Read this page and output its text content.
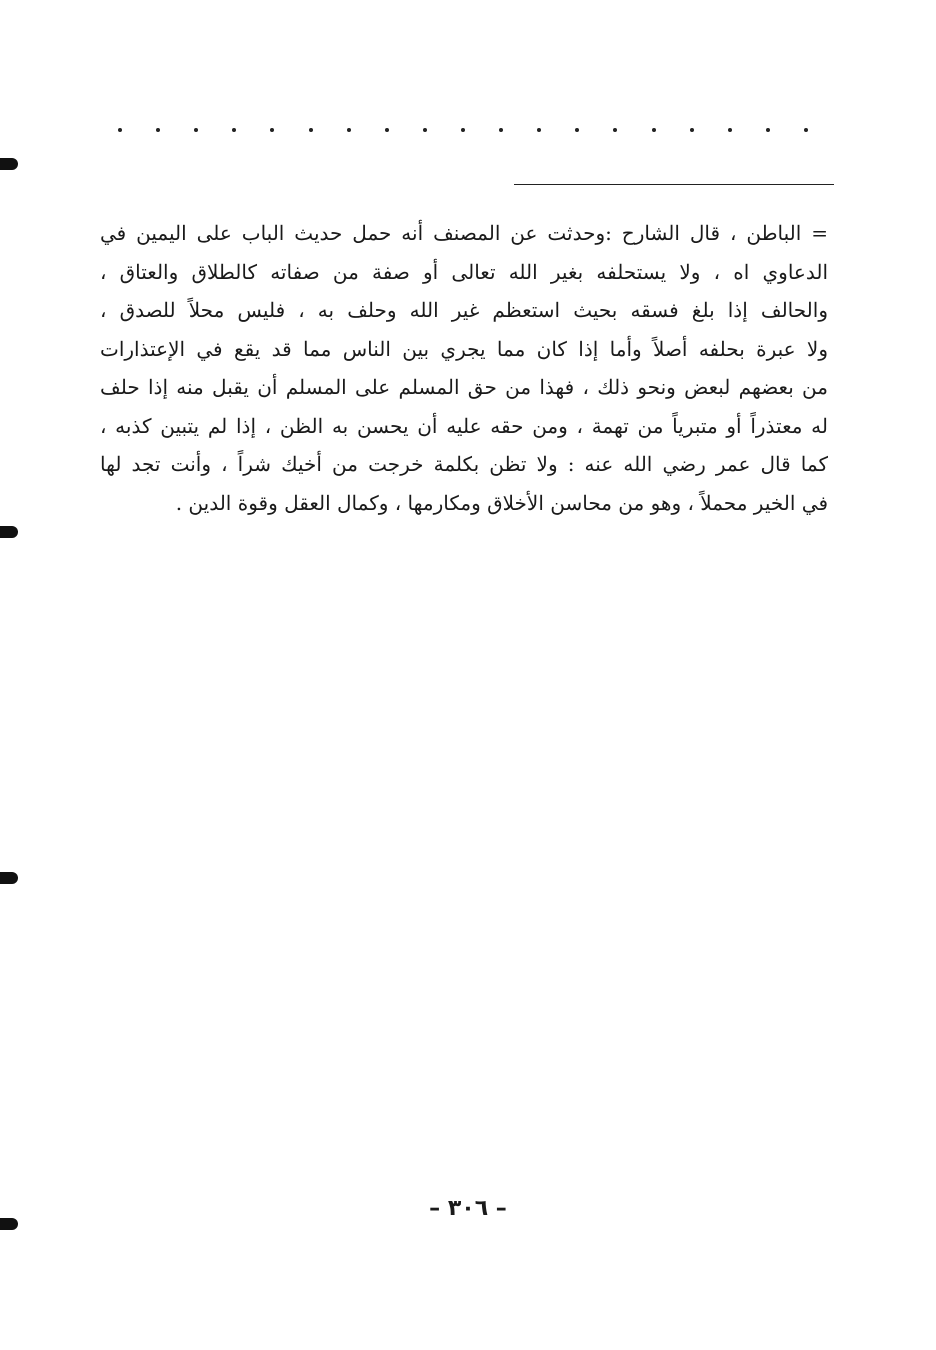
= الباطن ، قال الشارح :وحدثت عن المصنف أنه حمل حديث الباب على اليمين في
الدعاوي اه ، ولا يستحلفه بغير الله تعالى أو صفة من صفاته كالطلاق والعتاق ،
والحالف إذا بلغ فسقه بحيث استعظم غير الله وحلف به ، فليس محلاً للصدق ،
ولا عبرة بحلفه أصلاً وأما إذا كان مما يجري بين الناس مما قد يقع في الإعتذارات
من بعضهم لبعض ونحو ذلك ، فهذا من حق المسلم على المسلم أن يقبل منه إذا حلف
له معتذراً أو متبرياً من تهمة ، ومن حقه عليه أن يحسن به الظن ، إذا لم يتبين كذبه ،
كما قال عمر رضي الله عنه : ولا تظن بكلمة خرجت من أخيك شراً ، وأنت تجد لها
في الخير محملاً ، وهو من محاسن الأخلاق ومكارمها ، وكمال العقل وقوة الدين .
– ٣٠٦ –
